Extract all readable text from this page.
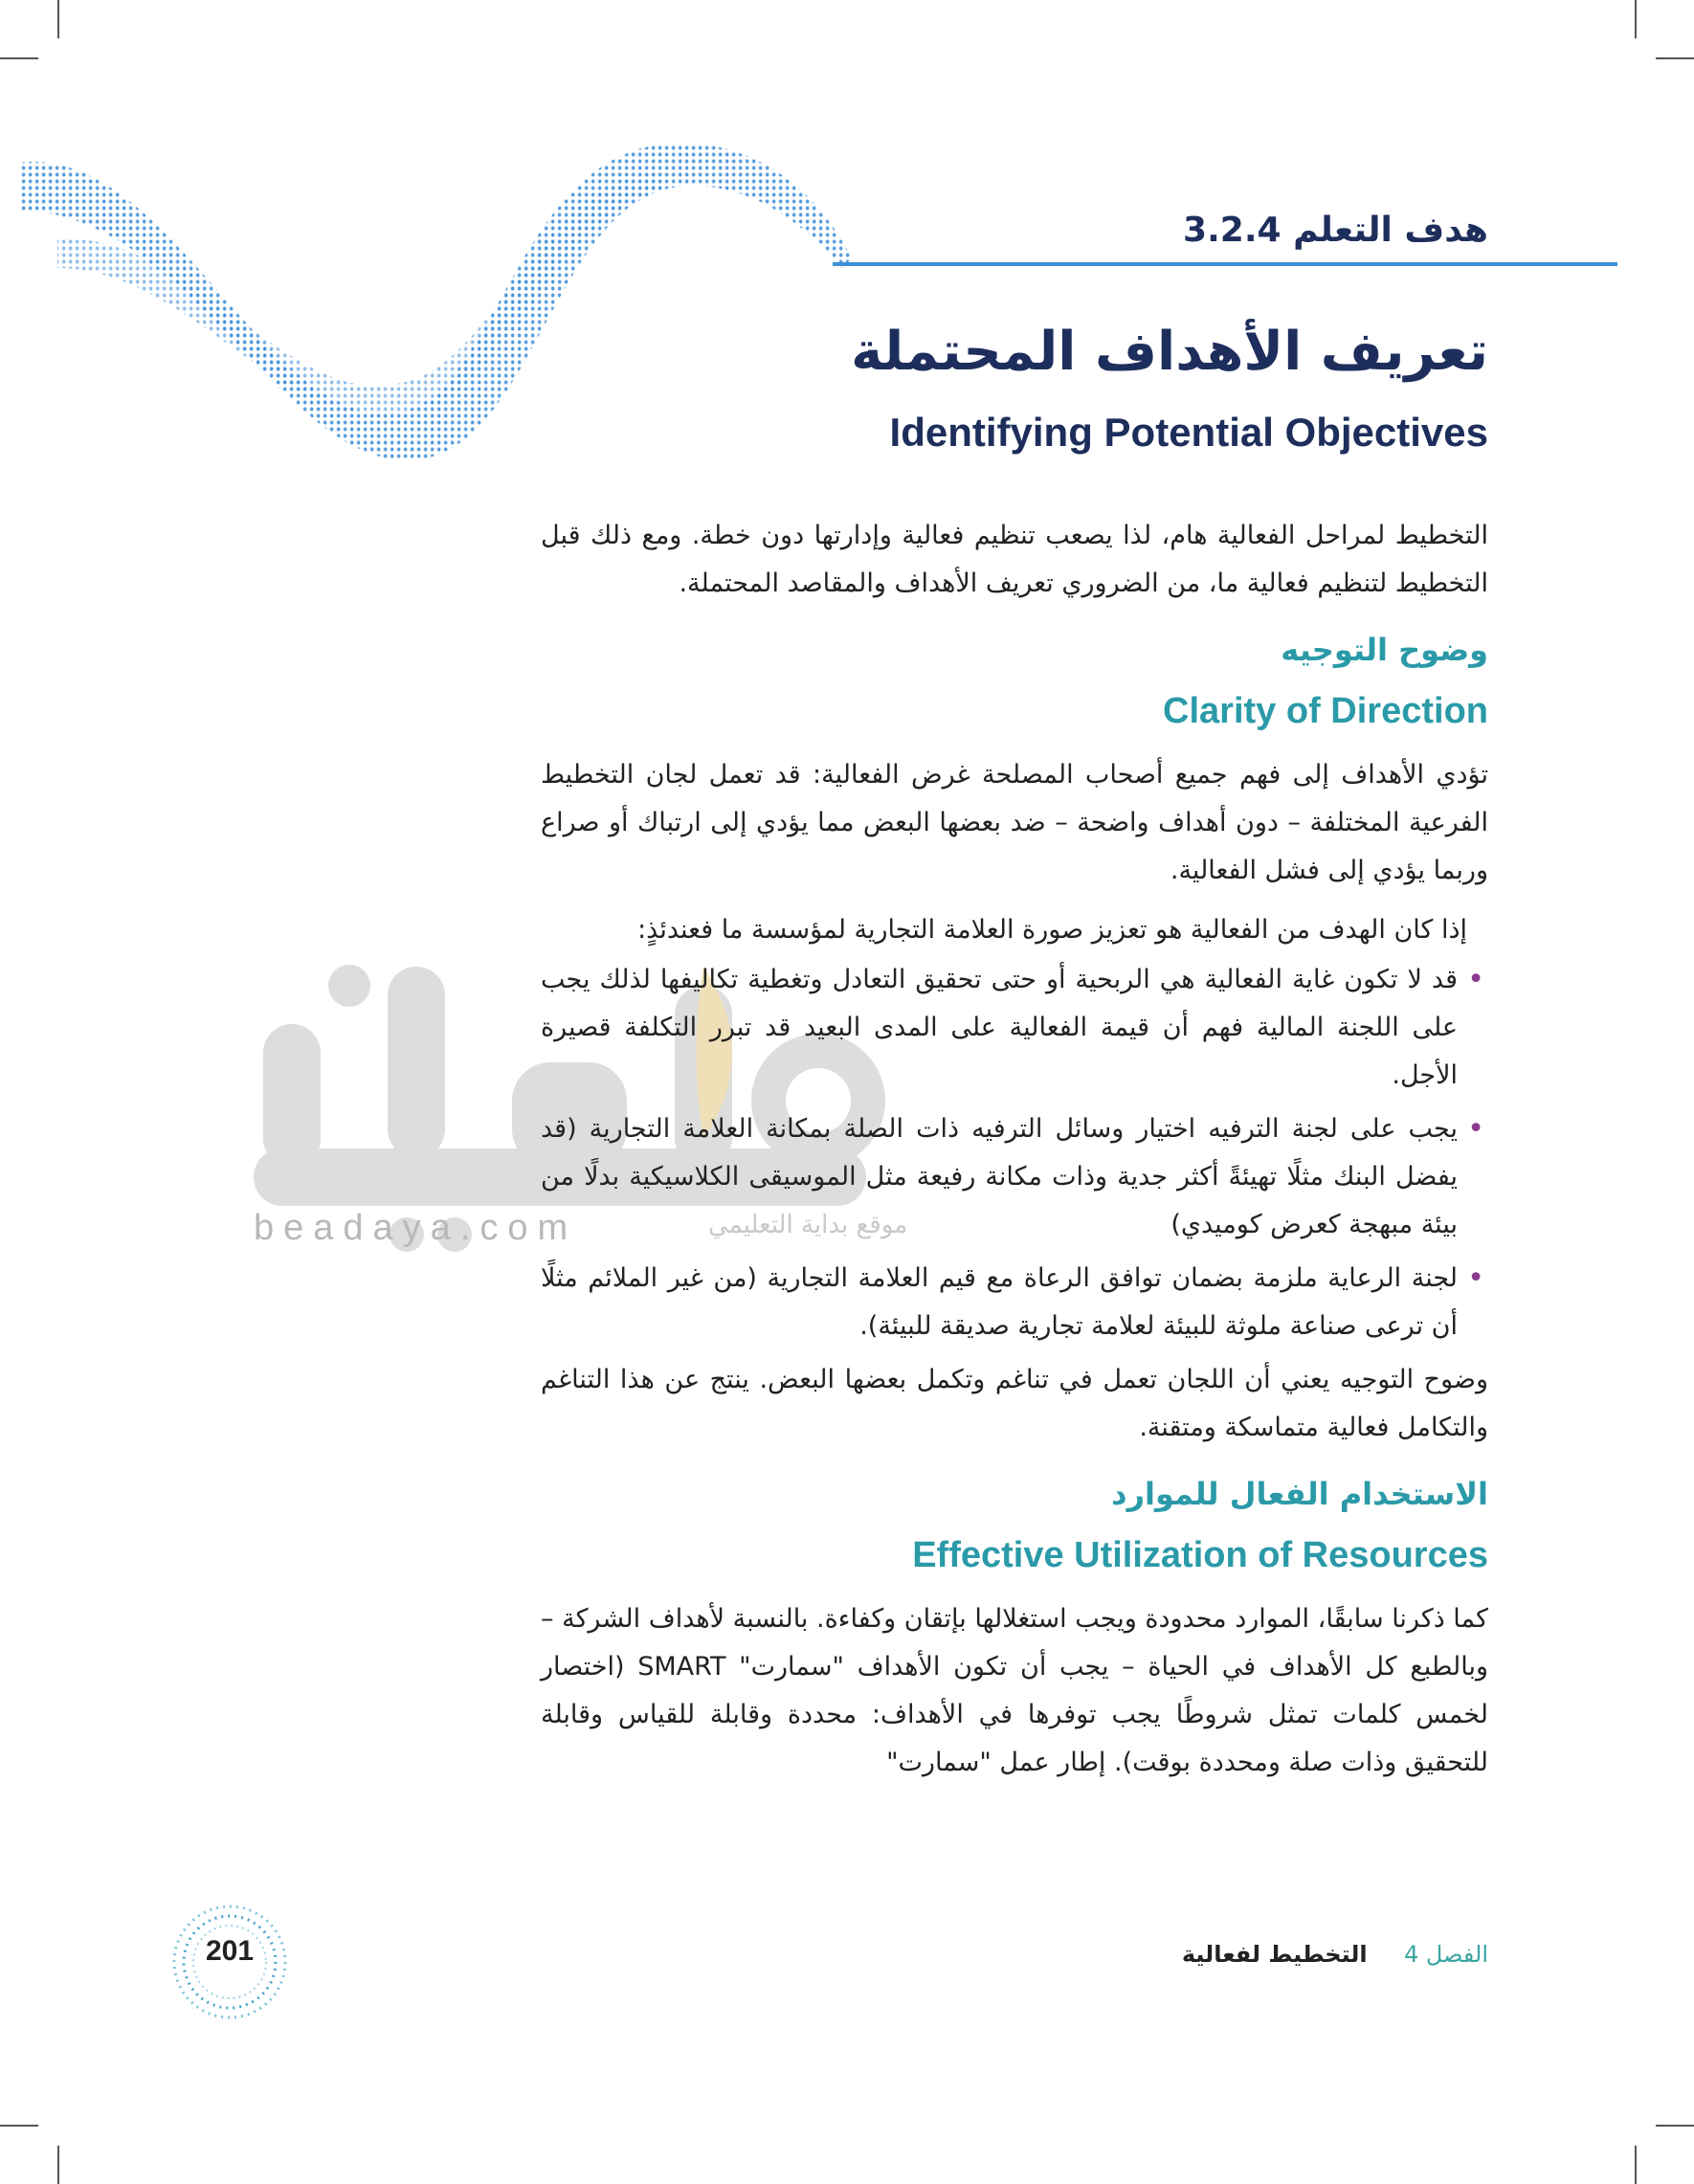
هدف التعلم 3.2.4
تعريف الأهداف المحتملة
Identifying Potential Objectives
beadaya.com	موقع بداية التعليمي

التخطيط لمراحل الفعالية هام، لذا يصعب تنظيم فعالية وإدارتها دون خطة. ومع ذلك قبل التخطيط لتنظيم فعالية ما، من الضروري تعريف الأهداف والمقاصد المحتملة.

وضوح التوجيه
Clarity of Direction

تؤدي الأهداف إلى فهم جميع أصحاب المصلحة غرض الفعالية: قد تعمل لجان التخطيط الفرعية المختلفة – دون أهداف واضحة – ضد بعضها البعض مما يؤدي إلى ارتباك أو صراع وربما يؤدي إلى فشل الفعالية.

إذا كان الهدف من الفعالية هو تعزيز صورة العلامة التجارية لمؤسسة ما فعندئذٍ:

• قد لا تكون غاية الفعالية هي الربحية أو حتى تحقيق التعادل وتغطية تكاليفها لذلك يجب على اللجنة المالية فهم أن قيمة الفعالية على المدى البعيد قد تبرر التكلفة قصيرة الأجل.
• يجب على لجنة الترفيه اختيار وسائل الترفيه ذات الصلة بمكانة العلامة التجارية (قد يفضل البنك مثلًا تهيئةً أكثر جدية وذات مكانة رفيعة مثل الموسيقى الكلاسيكية بدلًا من بيئة مبهجة كعرض كوميدي)
• لجنة الرعاية ملزمة بضمان توافق الرعاة مع قيم العلامة التجارية (من غير الملائم مثلًا أن ترعى صناعة ملوثة للبيئة لعلامة تجارية صديقة للبيئة).

وضوح التوجيه يعني أن اللجان تعمل في تناغم وتكمل بعضها البعض. ينتج عن هذا التناغم والتكامل فعالية متماسكة ومتقنة.

الاستخدام الفعال للموارد
Effective Utilization of Resources

كما ذكرنا سابقًا، الموارد محدودة ويجب استغلالها بإتقان وكفاءة. بالنسبة لأهداف الشركة – وبالطبع كل الأهداف في الحياة – يجب أن تكون الأهداف "سمارت" SMART (اختصار لخمس كلمات تمثل شروطًا يجب توفرها في الأهداف: محددة وقابلة للقياس وقابلة للتحقيق وذات صلة ومحددة بوقت). إطار عمل "سمارت"

201	الفصل 4 التخطيط لفعالية
